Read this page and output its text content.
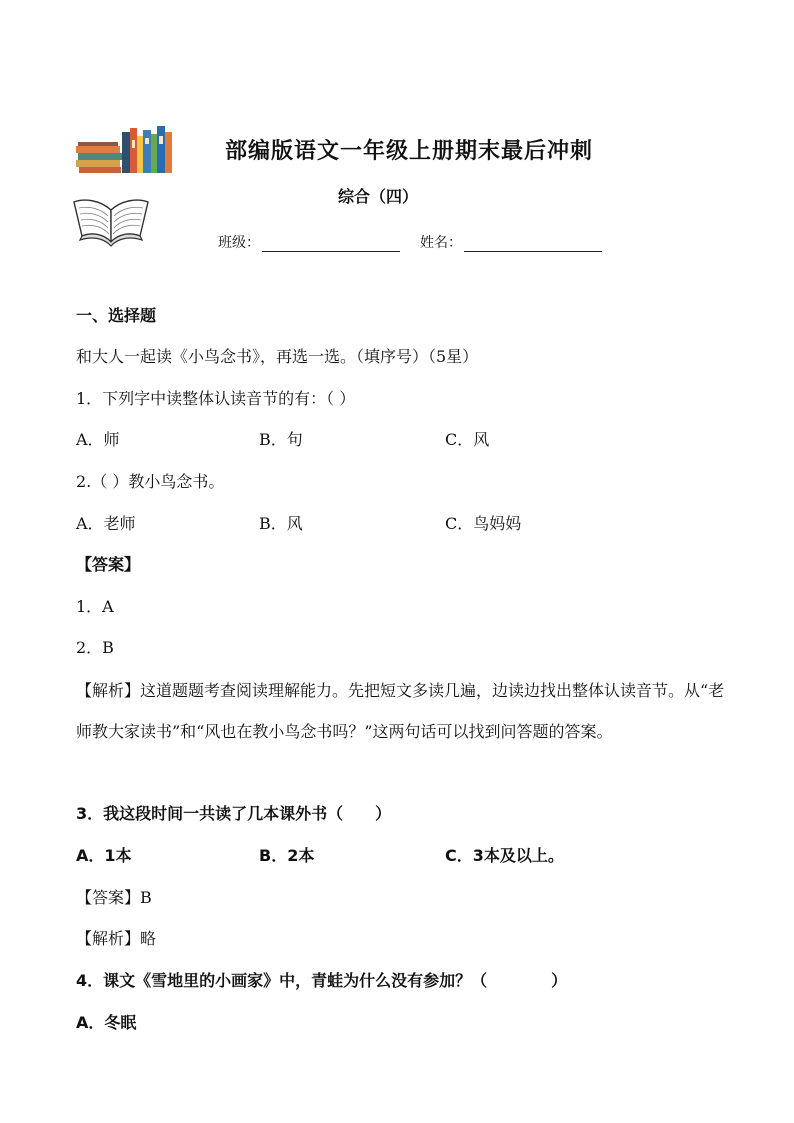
部编版语文一年级上册期末最后冲刺
综合（四）
班级：	姓名：
一、选择题
和大人一起读《小鸟念书》，再选一选。（填序号）（5星）
1．下列字中读整体认读音节的有：（ ）
A．师	B．句	C．风
2.（ ）教小鸟念书。
A．老师	B．风	C．鸟妈妈
【答案】
1．A
2．B
【解析】这道题题考查阅读理解能力。先把短文多读几遍，边读边找出整体认读音节。从“老师教大家读书”和“风也在教小鸟念书吗？”这两句话可以找到问答题的答案。
3．我这段时间一共读了几本课外书（　　）
A．1本	B．2本	C．3本及以上。
【答案】B
【解析】略
4．课文《雪地里的小画家》中，青蛙为什么没有参加？（　　　　）
A．冬眠
